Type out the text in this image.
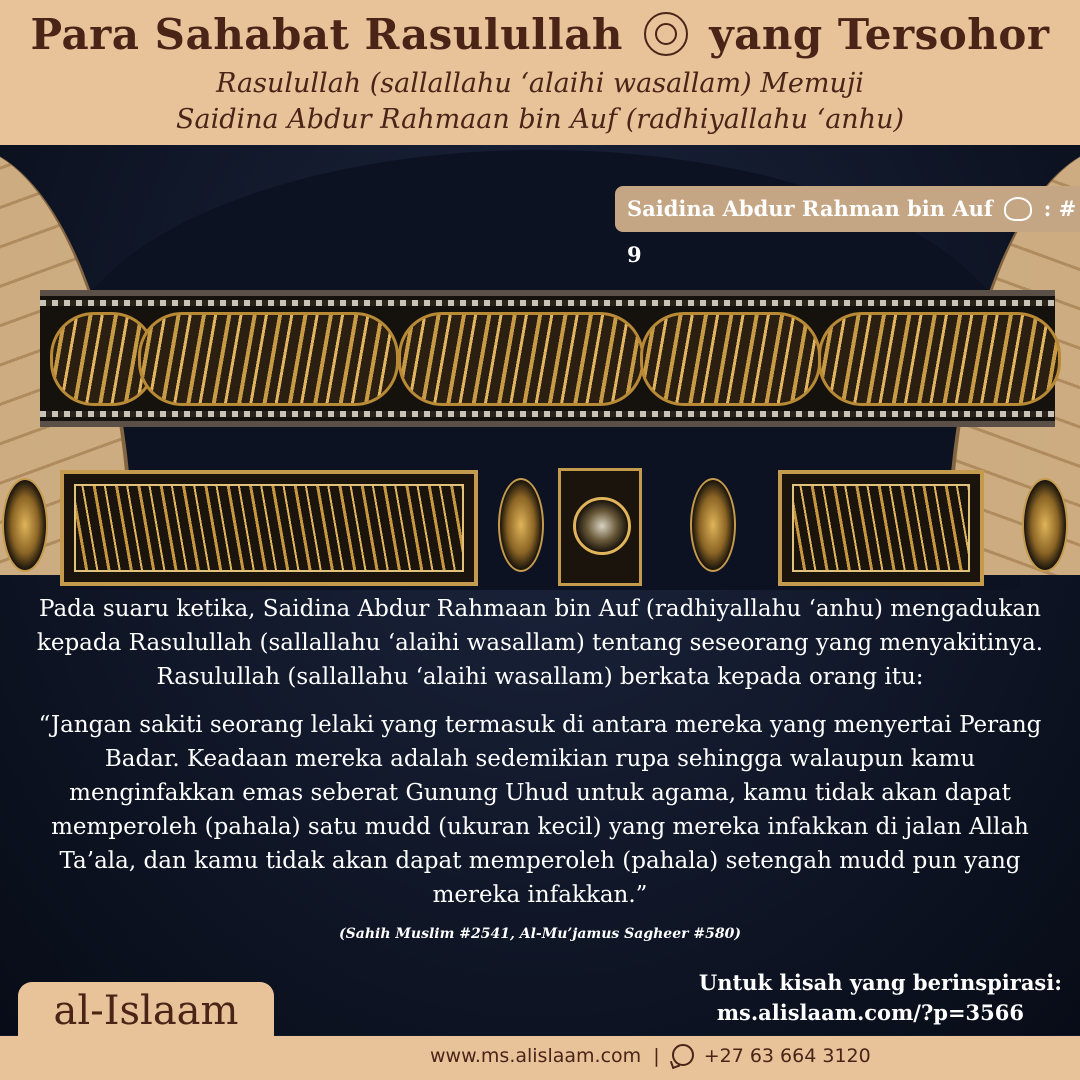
Para Sahabat Rasulullah yang Tersohor
Rasulullah (sallallahu ‘alaihi wasallam) Memuji
Saidina Abdur Rahmaan bin Auf (radhiyallahu ‘anhu)
Saidina Abdur Rahman bin Auf : # 9
Pada suaru ketika, Saidina Abdur Rahmaan bin Auf (radhiyallahu ‘anhu) mengadukan kepada Rasulullah (sallallahu ‘alaihi wasallam) tentang seseorang yang menyakitinya. Rasulullah (sallallahu ‘alaihi wasallam) berkata kepada orang itu:
“Jangan sakiti seorang lelaki yang termasuk di antara mereka yang menyertai Perang Badar. Keadaan mereka adalah sedemikian rupa sehingga walaupun kamu menginfakkan emas seberat Gunung Uhud untuk agama, kamu tidak akan dapat memperoleh (pahala) satu mudd (ukuran kecil) yang mereka infakkan di jalan Allah Ta’ala, dan kamu tidak akan dapat memperoleh (pahala) setengah mudd pun yang mereka infakkan.”
(Sahih Muslim #2541, Al-Mu’jamus Sagheer #580)
Untuk kisah yang berinspirasi:
ms.alislaam.com/?p=3566
al-Islaam
www.ms.alislaam.com | +27 63 664 3120
